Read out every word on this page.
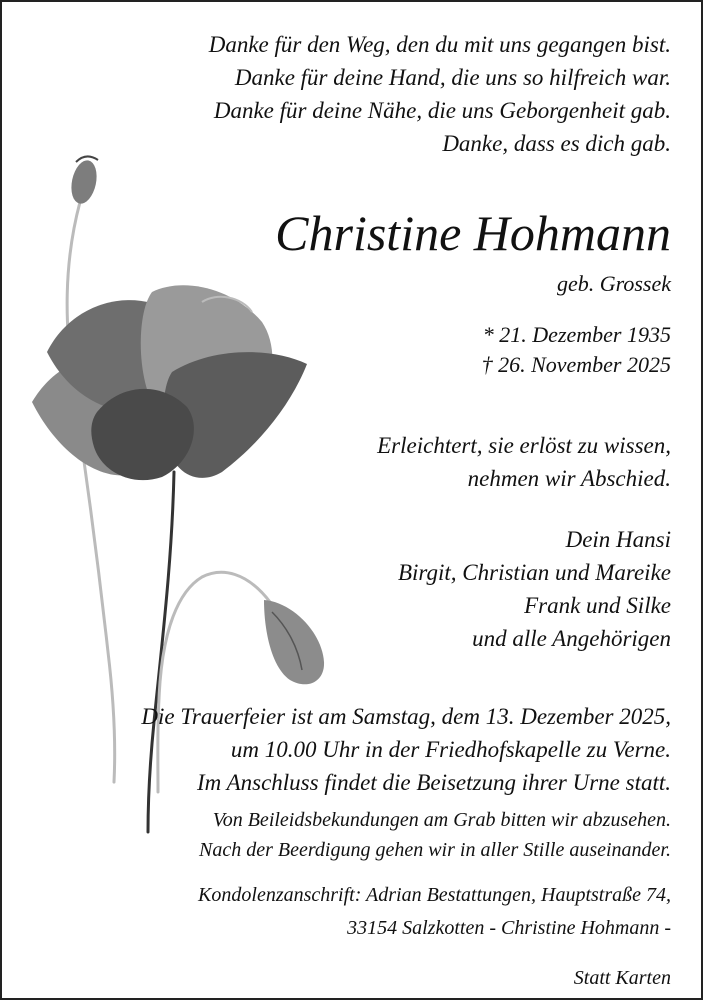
Danke für den Weg, den du mit uns gegangen bist.
Danke für deine Hand, die uns so hilfreich war.
Danke für deine Nähe, die uns Geborgenheit gab.
Danke, dass es dich gab.
Christine Hohmann
geb. Grossek
* 21. Dezember 1935
† 26. November 2025
Erleichtert, sie erlöst zu wissen,
nehmen wir Abschied.
Dein Hansi
Birgit, Christian und Mareike
Frank und Silke
und alle Angehörigen
Die Trauerfeier ist am Samstag, dem 13. Dezember 2025,
um 10.00 Uhr in der Friedhofskapelle zu Verne.
Im Anschluss findet die Beisetzung ihrer Urne statt.
Von Beileidsbekundungen am Grab bitten wir abzusehen.
Nach der Beerdigung gehen wir in aller Stille auseinander.
Kondolenzanschrift: Adrian Bestattungen, Hauptstraße 74,
33154 Salzkotten - Christine Hohmann -
Statt Karten
